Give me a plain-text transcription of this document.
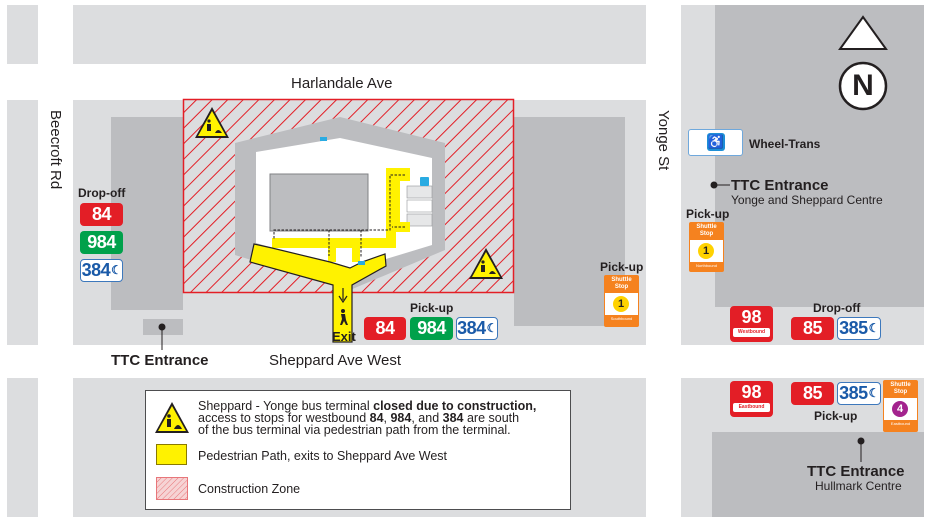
N
Harlandale Ave
Beecroft Rd	Yonge St
Sheppard Ave West
Drop-off
84
984
384☾
TTC Entrance
Exit
Pick-up
84	984 384☾
Pick-up
Shuttle Stop
1
Southbound
♿ Wheel-Trans
TTC Entrance
Yonge and Sheppard Centre
Pick-up
Shuttle Stop
1
Northbound
Drop-off
98
Westbound	85 385☾
98
Eastbound
85 385☾
Pick-up
Shuttle Stop
4
Eastbound
TTC Entrance
Hullmark Centre
Sheppard - Yonge bus terminal closed due to construction,
access to stops for westbound 84, 984, and 384 are south
of the bus terminal via pedestrian path from the terminal.
Pedestrian Path, exits to Sheppard Ave West
Construction Zone
